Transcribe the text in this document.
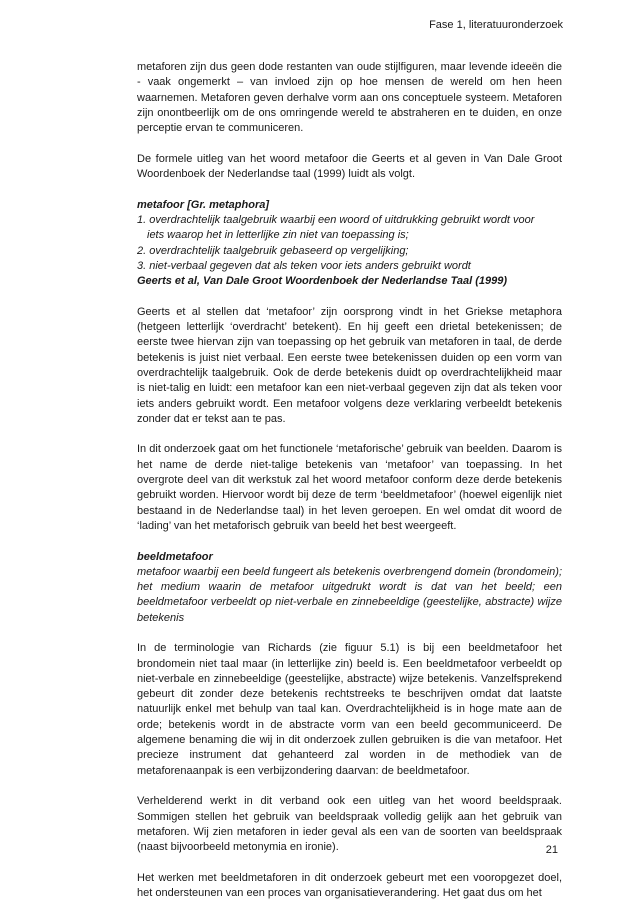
Fase 1, literatuuronderzoek

metaforen zijn dus geen dode restanten van oude stijlfiguren, maar levende ideeën die - vaak ongemerkt – van invloed zijn op hoe mensen de wereld om hen heen waarnemen. Metaforen geven derhalve vorm aan ons conceptuele systeem. Metaforen zijn onontbeerlijk om de ons omringende wereld te abstraheren en te duiden, en onze perceptie ervan te communiceren.

De formele uitleg van het woord metafoor die Geerts et al geven in Van Dale Groot Woordenboek der Nederlandse taal (1999) luidt als volgt.

metafoor [Gr. metaphora]
1. overdrachtelijk taalgebruik waarbij een woord of uitdrukking gebruikt wordt voor
iets waarop het in letterlijke zin niet van toepassing is;
2. overdrachtelijk taalgebruik gebaseerd op vergelijking;
3. niet-verbaal gegeven dat als teken voor iets anders gebruikt wordt
Geerts et al, Van Dale Groot Woordenboek der Nederlandse Taal (1999)

Geerts et al stellen dat ‘metafoor’ zijn oorsprong vindt in het Griekse metaphora (hetgeen letterlijk ‘overdracht’ betekent). En hij geeft een drietal betekenissen; de eerste twee hiervan zijn van toepassing op het gebruik van metaforen in taal, de derde betekenis is juist niet verbaal. Een eerste twee betekenissen duiden op een vorm van overdrachtelijk taalgebruik. Ook de derde betekenis duidt op overdrachtelijkheid maar is niet-talig en luidt: een metafoor kan een niet-verbaal gegeven zijn dat als teken voor iets anders gebruikt wordt. Een metafoor volgens deze verklaring verbeeldt betekenis zonder dat er tekst aan te pas.

In dit onderzoek gaat om het functionele ‘metaforische’ gebruik van beelden. Daarom is het name de derde niet-talige betekenis van ‘metafoor’ van toepassing. In het overgrote deel van dit werkstuk zal het woord metafoor conform deze derde betekenis gebruikt worden. Hiervoor wordt bij deze de term ‘beeldmetafoor’ (hoewel eigenlijk niet bestaand in de Nederlandse taal) in het leven geroepen. En wel omdat dit woord de ‘lading’ van het metaforisch gebruik van beeld het best weergeeft.

beeldmetafoor
metafoor waarbij een beeld fungeert als betekenis overbrengend domein (brondomein); het medium waarin de metafoor uitgedrukt wordt is dat van het beeld; een beeldmetafoor verbeeldt op niet-verbale en zinnebeeldige (geestelijke, abstracte) wijze betekenis

In de terminologie van Richards (zie figuur 5.1) is bij een beeldmetafoor het brondomein niet taal maar (in letterlijke zin) beeld is. Een beeldmetafoor verbeeldt op niet-verbale en zinnebeeldige (geestelijke, abstracte) wijze betekenis. Vanzelfsprekend gebeurt dit zonder deze betekenis rechtstreeks te beschrijven omdat dat laatste natuurlijk enkel met behulp van taal kan. Overdrachtelijkheid is in hoge mate aan de orde; betekenis wordt in de abstracte vorm van een beeld gecommuniceerd. De algemene benaming die wij in dit onderzoek zullen gebruiken is die van metafoor. Het precieze instrument dat gehanteerd zal worden in de methodiek van de metaforenaanpak is een verbijzondering daarvan: de beeldmetafoor.

Verhelderend werkt in dit verband ook een uitleg van het woord beeldspraak. Sommigen stellen het gebruik van beeldspraak volledig gelijk aan het gebruik van metaforen. Wij zien metaforen in ieder geval als een van de soorten van beeldspraak (naast bijvoorbeeld metonymia en ironie).

Het werken met beeldmetaforen in dit onderzoek gebeurt met een vooropgezet doel, het ondersteunen van een proces van organisatieverandering. Het gaat dus om het

21
